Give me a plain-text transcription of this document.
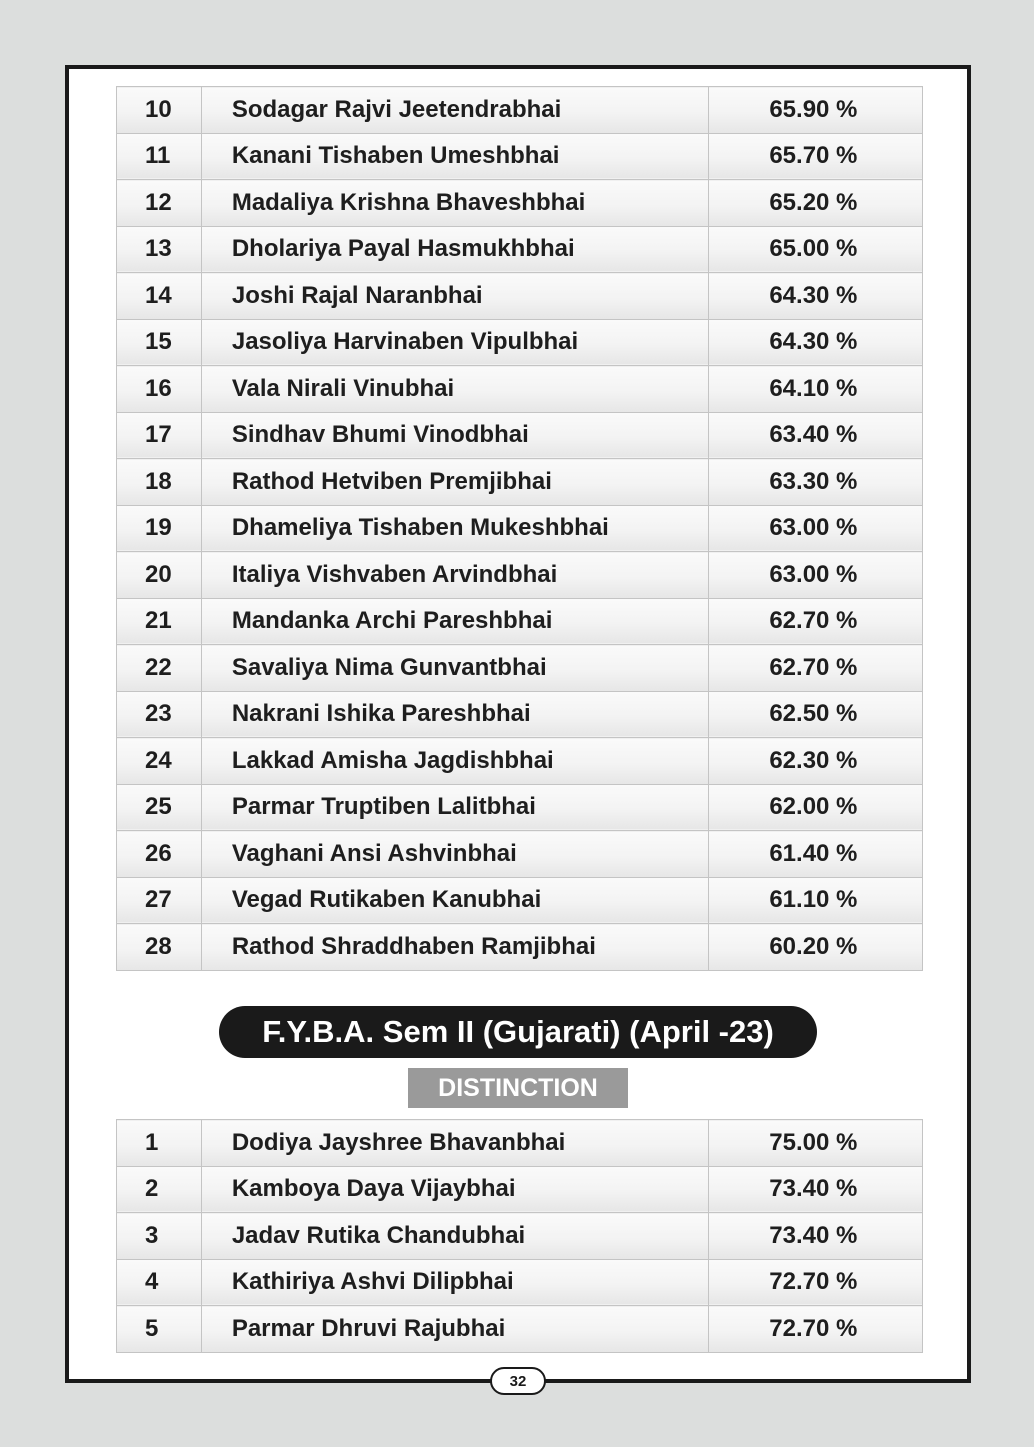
10	Sodagar Rajvi Jeetendrabhai	65.90 %
11	Kanani Tishaben Umeshbhai	65.70 %
12	Madaliya Krishna Bhaveshbhai	65.20 %
13	Dholariya Payal Hasmukhbhai	65.00 %
14	Joshi Rajal Naranbhai	64.30 %
15	Jasoliya Harvinaben Vipulbhai	64.30 %
16	Vala Nirali Vinubhai	64.10 %
17	Sindhav Bhumi Vinodbhai	63.40 %
18	Rathod Hetviben Premjibhai	63.30 %
19	Dhameliya Tishaben Mukeshbhai	63.00 %
20	Italiya Vishvaben Arvindbhai	63.00 %
21	Mandanka Archi Pareshbhai	62.70 %
22	Savaliya Nima Gunvantbhai	62.70 %
23	Nakrani Ishika Pareshbhai	62.50 %
24	Lakkad Amisha Jagdishbhai	62.30 %
25	Parmar Truptiben Lalitbhai	62.00 %
26	Vaghani Ansi Ashvinbhai	61.40 %
27	Vegad Rutikaben Kanubhai	61.10 %
28	Rathod Shraddhaben Ramjibhai	60.20 %
F.Y.B.A. Sem II (Gujarati) (April -23)
DISTINCTION
1	Dodiya Jayshree Bhavanbhai	75.00 %
2	Kamboya Daya Vijaybhai	73.40 %
3	Jadav Rutika Chandubhai	73.40 %
4	Kathiriya Ashvi Dilipbhai	72.70 %
5	Parmar Dhruvi Rajubhai	72.70 %
32
